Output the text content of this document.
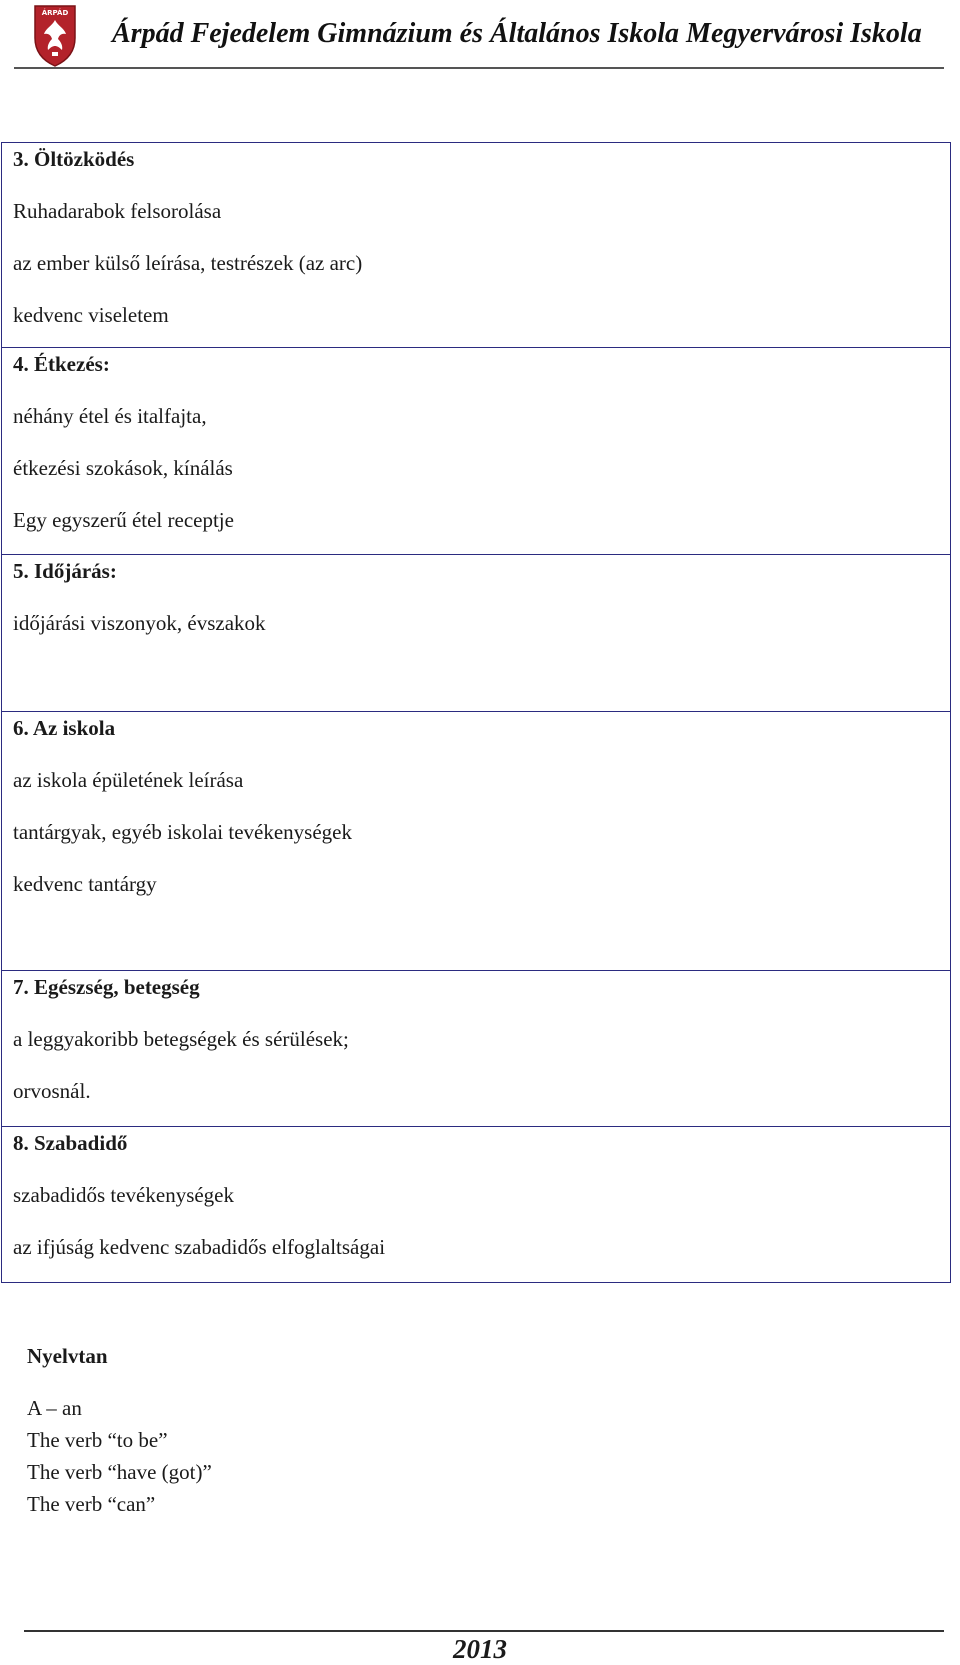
ÁRPÁD
Árpád Fejedelem Gimnázium és Általános Iskola Megyervárosi Iskola
3. Öltözködés
Ruhadarabok felsorolása
az ember külső leírása, testrészek (az arc)
kedvenc viseletem

4. Étkezés:
néhány étel és italfajta,
étkezési szokások, kínálás
Egy egyszerű étel receptje

5. Időjárás:
időjárási viszonyok, évszakok

6. Az iskola
az iskola épületének leírása
tantárgyak, egyéb iskolai tevékenységek
kedvenc tantárgy

7. Egészség, betegség
a leggyakoribb betegségek és sérülések;
orvosnál.

8. Szabadidő
szabadidős tevékenységek
az ifjúság kedvenc szabadidős elfoglaltságai
Nyelvtan
A – an
The verb “to be”
The verb “have (got)”
The verb “can”
2013
